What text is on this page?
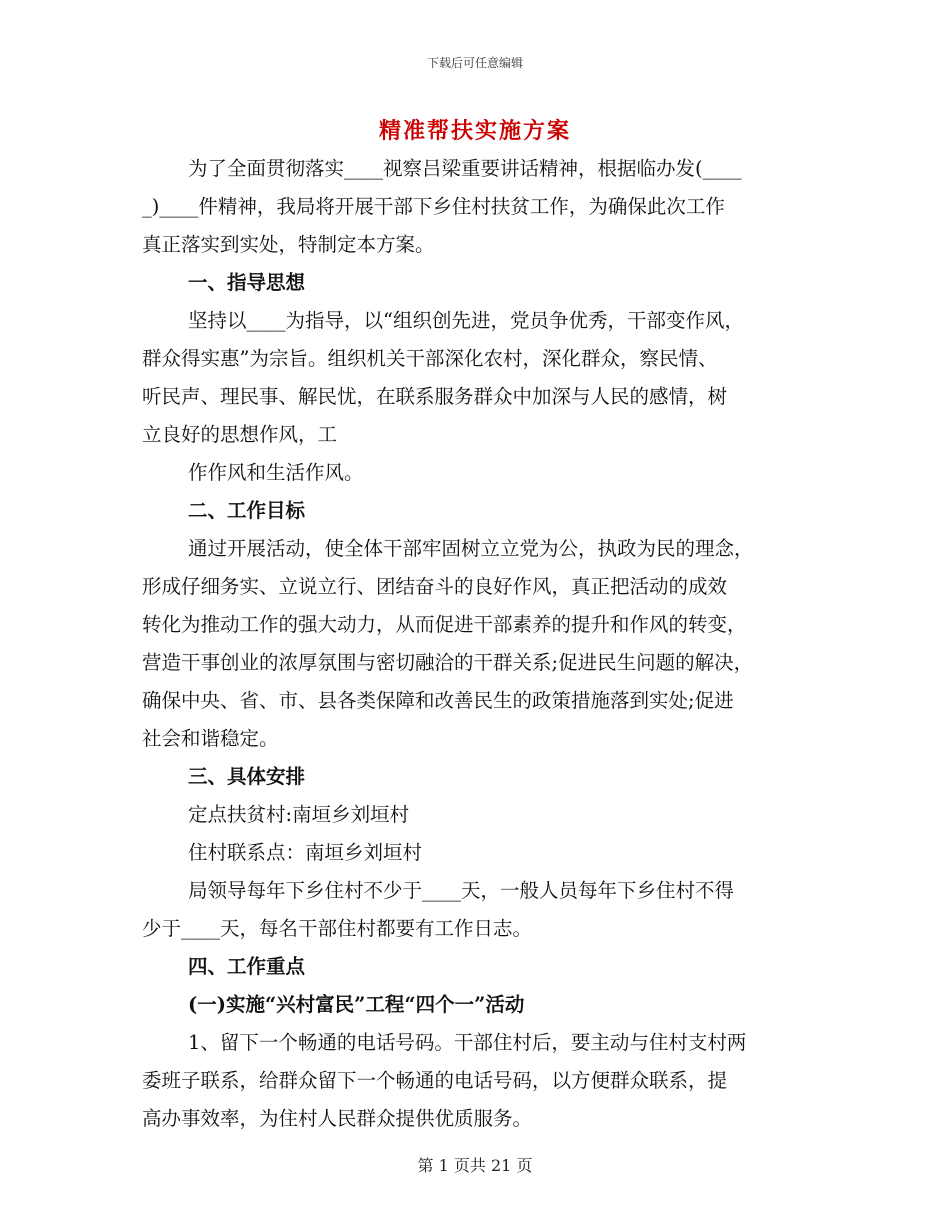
下载后可任意编辑
精准帮扶实施方案

为了全面贯彻落实____视察吕梁重要讲话精神，根据临办发(____

_)____件精神，我局将开展干部下乡住村扶贫工作，为确保此次工作

真正落实到实处，特制定本方案。

一、指导思想

坚持以____为指导，以“组织创先进，党员争优秀，干部变作风，

群众得实惠”为宗旨。组织机关干部深化农村，深化群众，察民情、

听民声、理民事、解民忧，在联系服务群众中加深与人民的感情，树

立良好的思想作风，工

作作风和生活作风。

二、工作目标

通过开展活动，使全体干部牢固树立立党为公，执政为民的理念，

形成仔细务实、立说立行、团结奋斗的良好作风，真正把活动的成效

转化为推动工作的强大动力，从而促进干部素养的提升和作风的转变，

营造干事创业的浓厚氛围与密切融洽的干群关系;促进民生问题的解决，

确保中央、省、市、县各类保障和改善民生的政策措施落到实处;促进

社会和谐稳定。

三、具体安排

定点扶贫村:南垣乡刘垣村

住村联系点：南垣乡刘垣村

局领导每年下乡住村不少于____天，一般人员每年下乡住村不得

少于____天，每名干部住村都要有工作日志。

四、工作重点

(一)实施“兴村富民”工程“四个一”活动

1、留下一个畅通的电话号码。干部住村后，要主动与住村支村两

委班子联系，给群众留下一个畅通的电话号码，以方便群众联系，提

高办事效率，为住村人民群众提供优质服务。

第 1 页共 21 页
